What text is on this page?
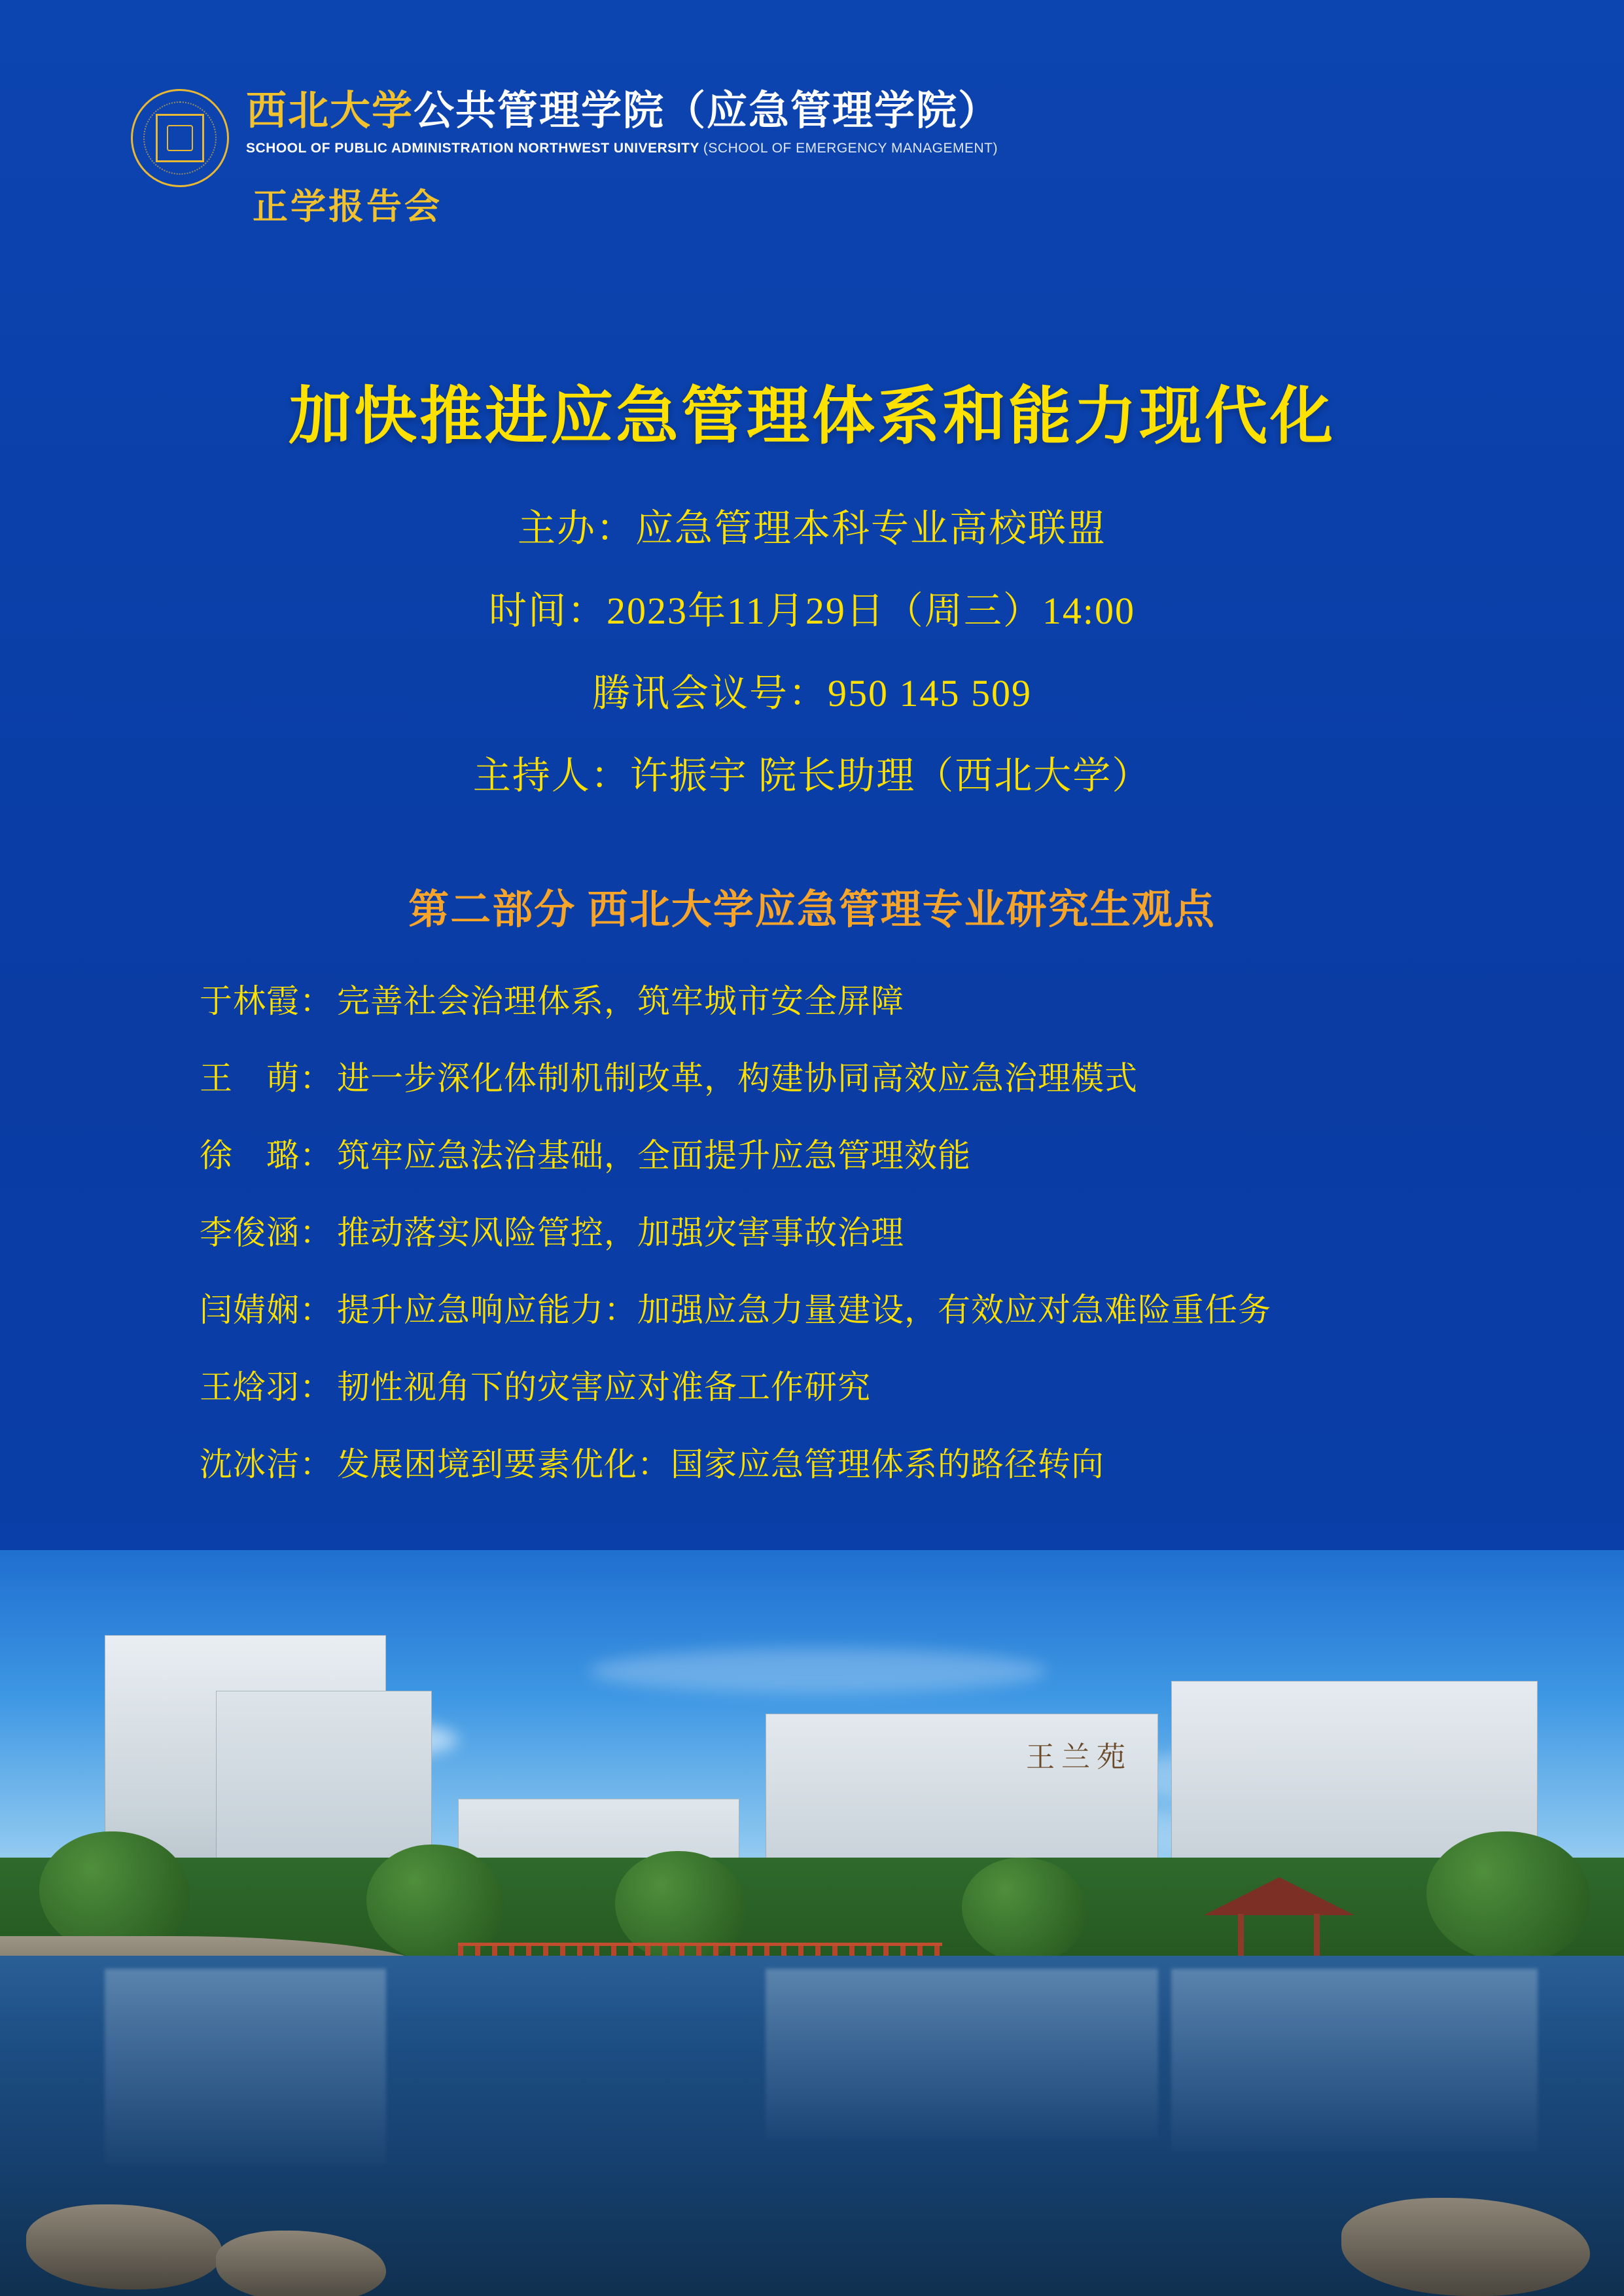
西北大学公共管理学院（应急管理学院）
SCHOOL OF PUBLIC ADMINISTRATION NORTHWEST UNIVERSITY (SCHOOL OF EMERGENCY MANAGEMENT)
正学报告会
加快推进应急管理体系和能力现代化
主办：应急管理本科专业高校联盟
时间：2023年11月29日（周三）14:00
腾讯会议号：950 145 509
主持人：许振宇 院长助理（西北大学）
第二部分 西北大学应急管理专业研究生观点
于林霞： 完善社会治理体系，筑牢城市安全屏障
王　萌： 进一步深化体制机制改革，构建协同高效应急治理模式
徐　璐： 筑牢应急法治基础，全面提升应急管理效能
李俊涵： 推动落实风险管控，加强灾害事故治理
闫婧娴： 提升应急响应能力：加强应急力量建设，有效应对急难险重任务
王焓羽： 韧性视角下的灾害应对准备工作研究
沈冰洁： 发展困境到要素优化：国家应急管理体系的路径转向
王兰苑
